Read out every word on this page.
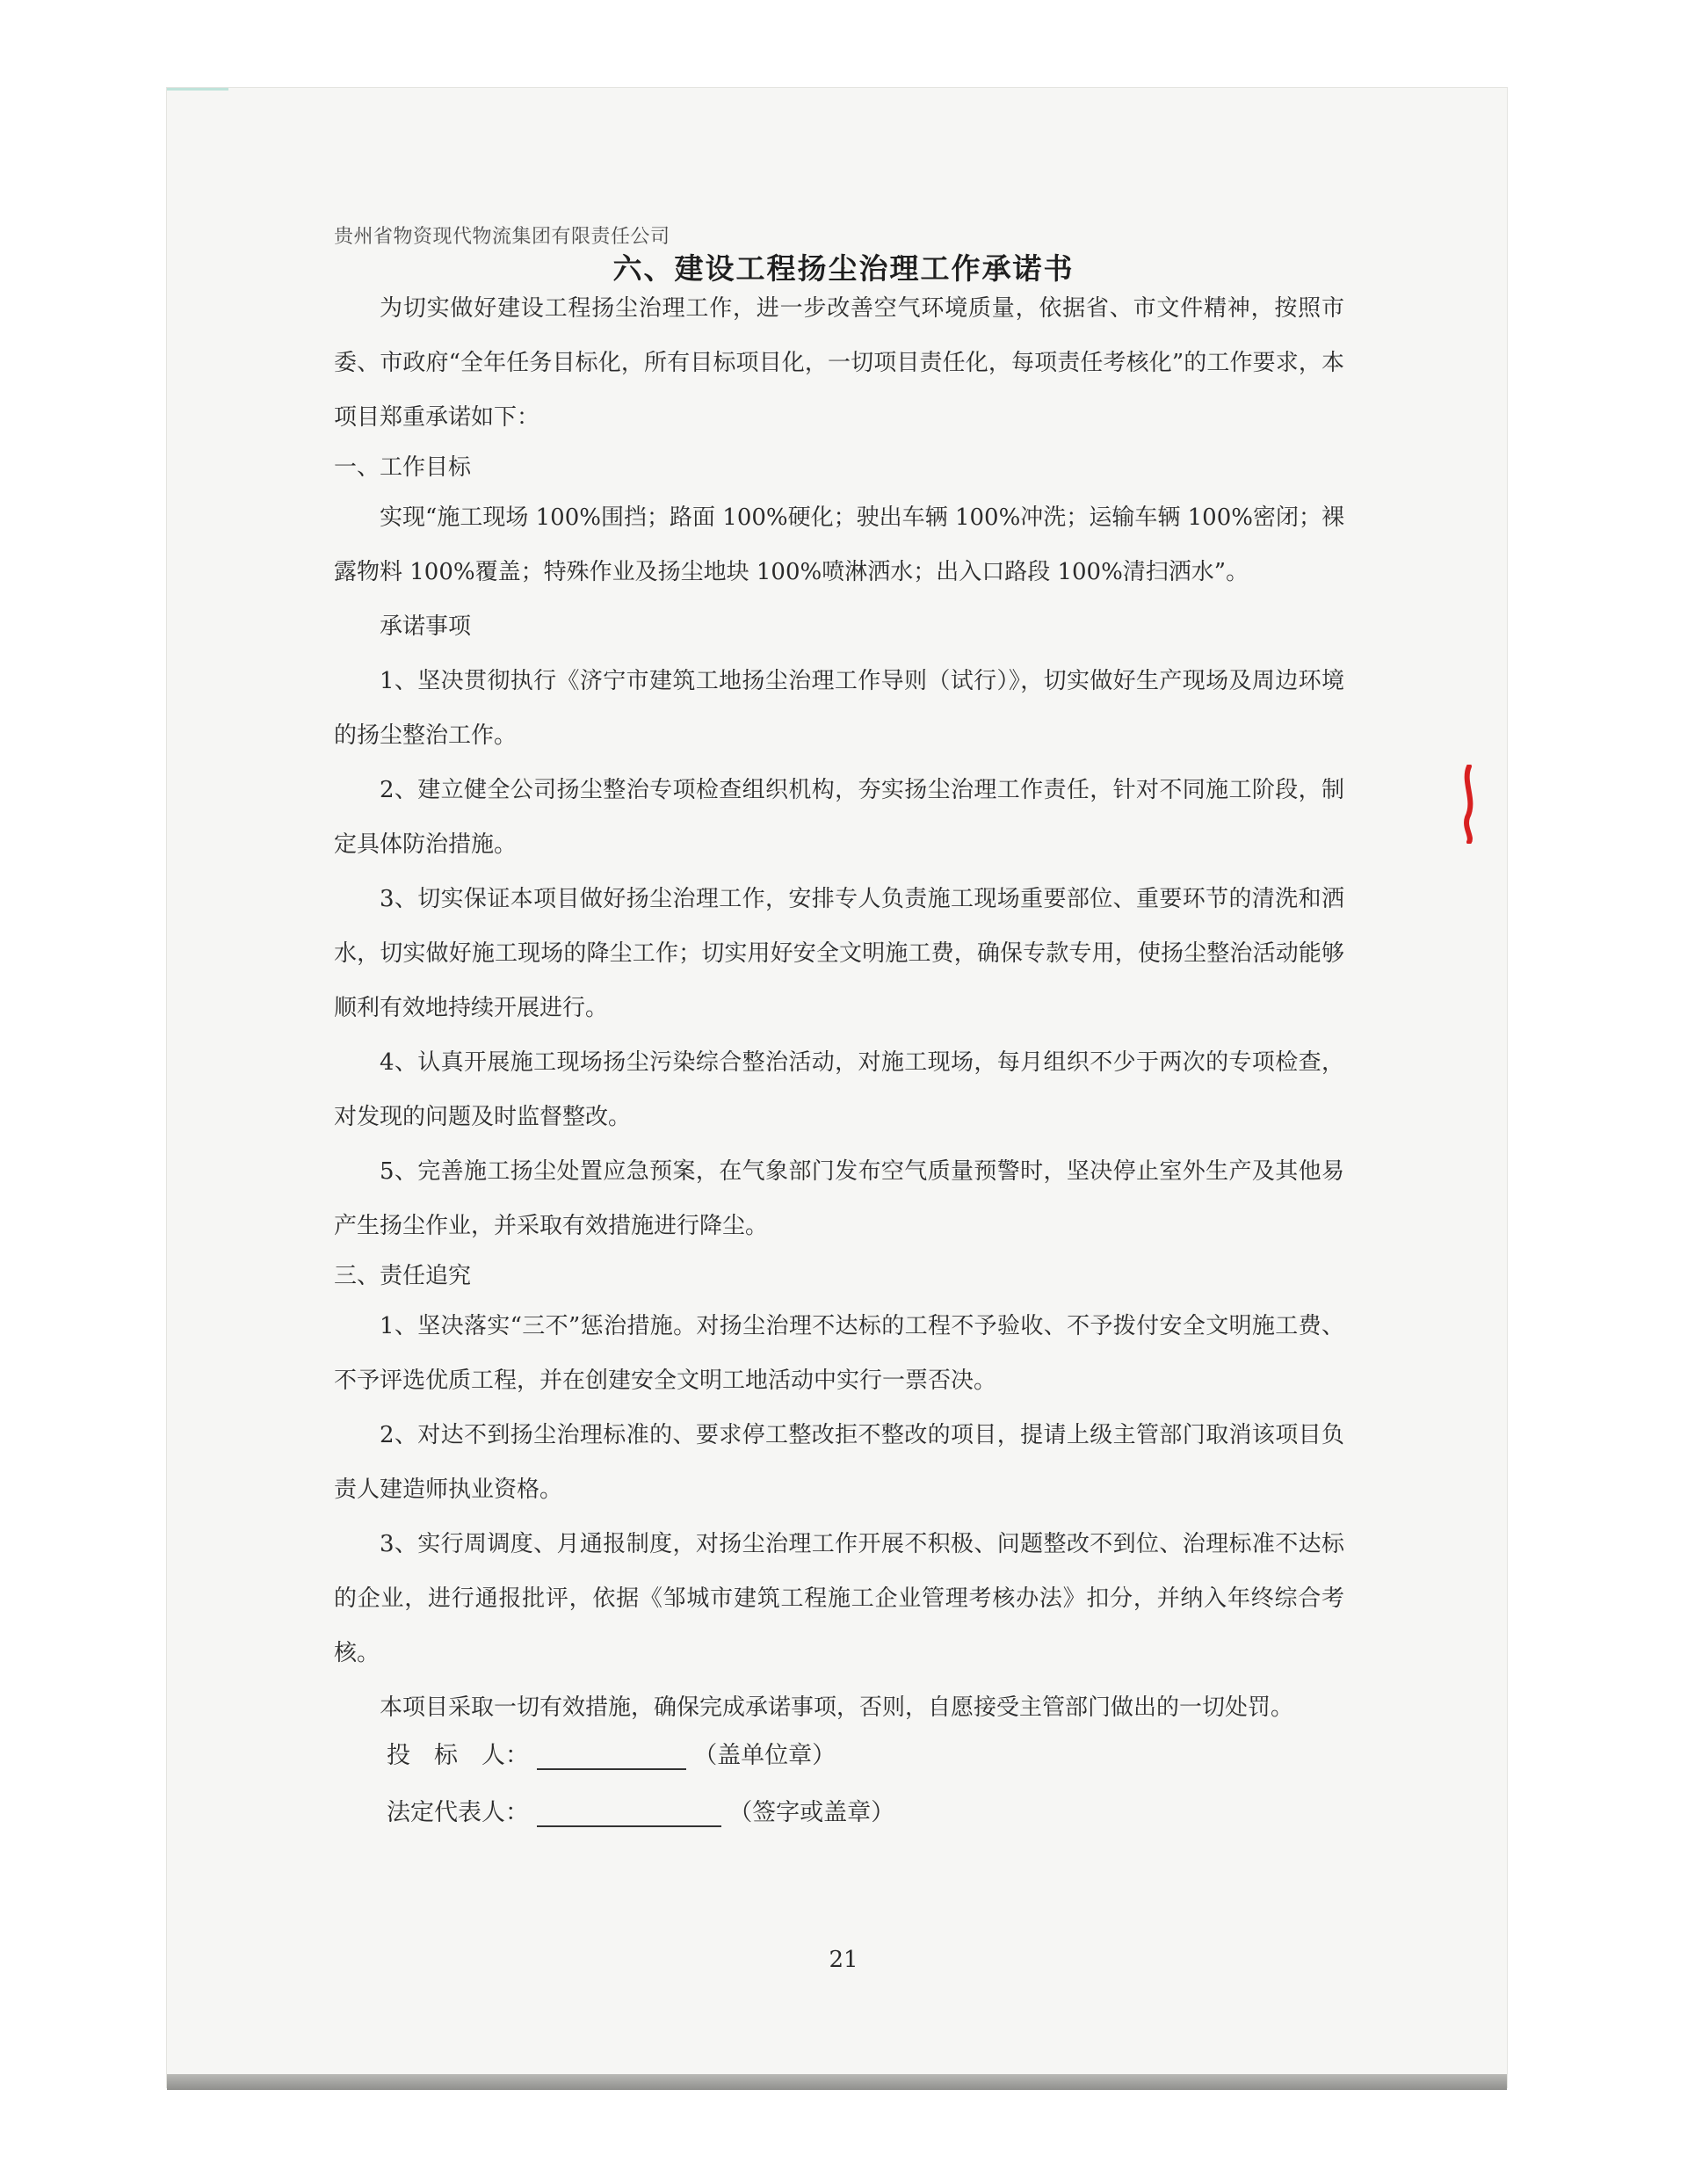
贵州省物资现代物流集团有限责任公司
六、建设工程扬尘治理工作承诺书

为切实做好建设工程扬尘治理工作，进一步改善空气环境质量，依据省、市文件精神，按照市委、市政府“全年任务目标化，所有目标项目化，一切项目责任化，每项责任考核化”的工作要求，本项目郑重承诺如下：

一、工作目标

实现“施工现场 100%围挡；路面 100%硬化；驶出车辆 100%冲洗；运输车辆 100%密闭；裸露物料 100%覆盖；特殊作业及扬尘地块 100%喷淋洒水；出入口路段 100%清扫洒水”。

承诺事项

1、坚决贯彻执行《济宁市建筑工地扬尘治理工作导则（试行）》，切实做好生产现场及周边环境的扬尘整治工作。

2、建立健全公司扬尘整治专项检查组织机构，夯实扬尘治理工作责任，针对不同施工阶段，制定具体防治措施。

3、切实保证本项目做好扬尘治理工作，安排专人负责施工现场重要部位、重要环节的清洗和洒水，切实做好施工现场的降尘工作；切实用好安全文明施工费，确保专款专用，使扬尘整治活动能够顺利有效地持续开展进行。

4、认真开展施工现场扬尘污染综合整治活动，对施工现场，每月组织不少于两次的专项检查，对发现的问题及时监督整改。

5、完善施工扬尘处置应急预案，在气象部门发布空气质量预警时，坚决停止室外生产及其他易产生扬尘作业，并采取有效措施进行降尘。

三、责任追究

1、坚决落实“三不”惩治措施。对扬尘治理不达标的工程不予验收、不予拨付安全文明施工费、不予评选优质工程，并在创建安全文明工地活动中实行一票否决。

2、对达不到扬尘治理标准的、要求停工整改拒不整改的项目，提请上级主管部门取消该项目负责人建造师执业资格。

3、实行周调度、月通报制度，对扬尘治理工作开展不积极、问题整改不到位、治理标准不达标的企业，进行通报批评，依据《邹城市建筑工程施工企业管理考核办法》扣分，并纳入年终综合考核。

本项目采取一切有效措施，确保完成承诺事项，否则，自愿接受主管部门做出的一切处罚。

投　标　人：	（盖单位章）
法定代表人：	（签字或盖章）
21
